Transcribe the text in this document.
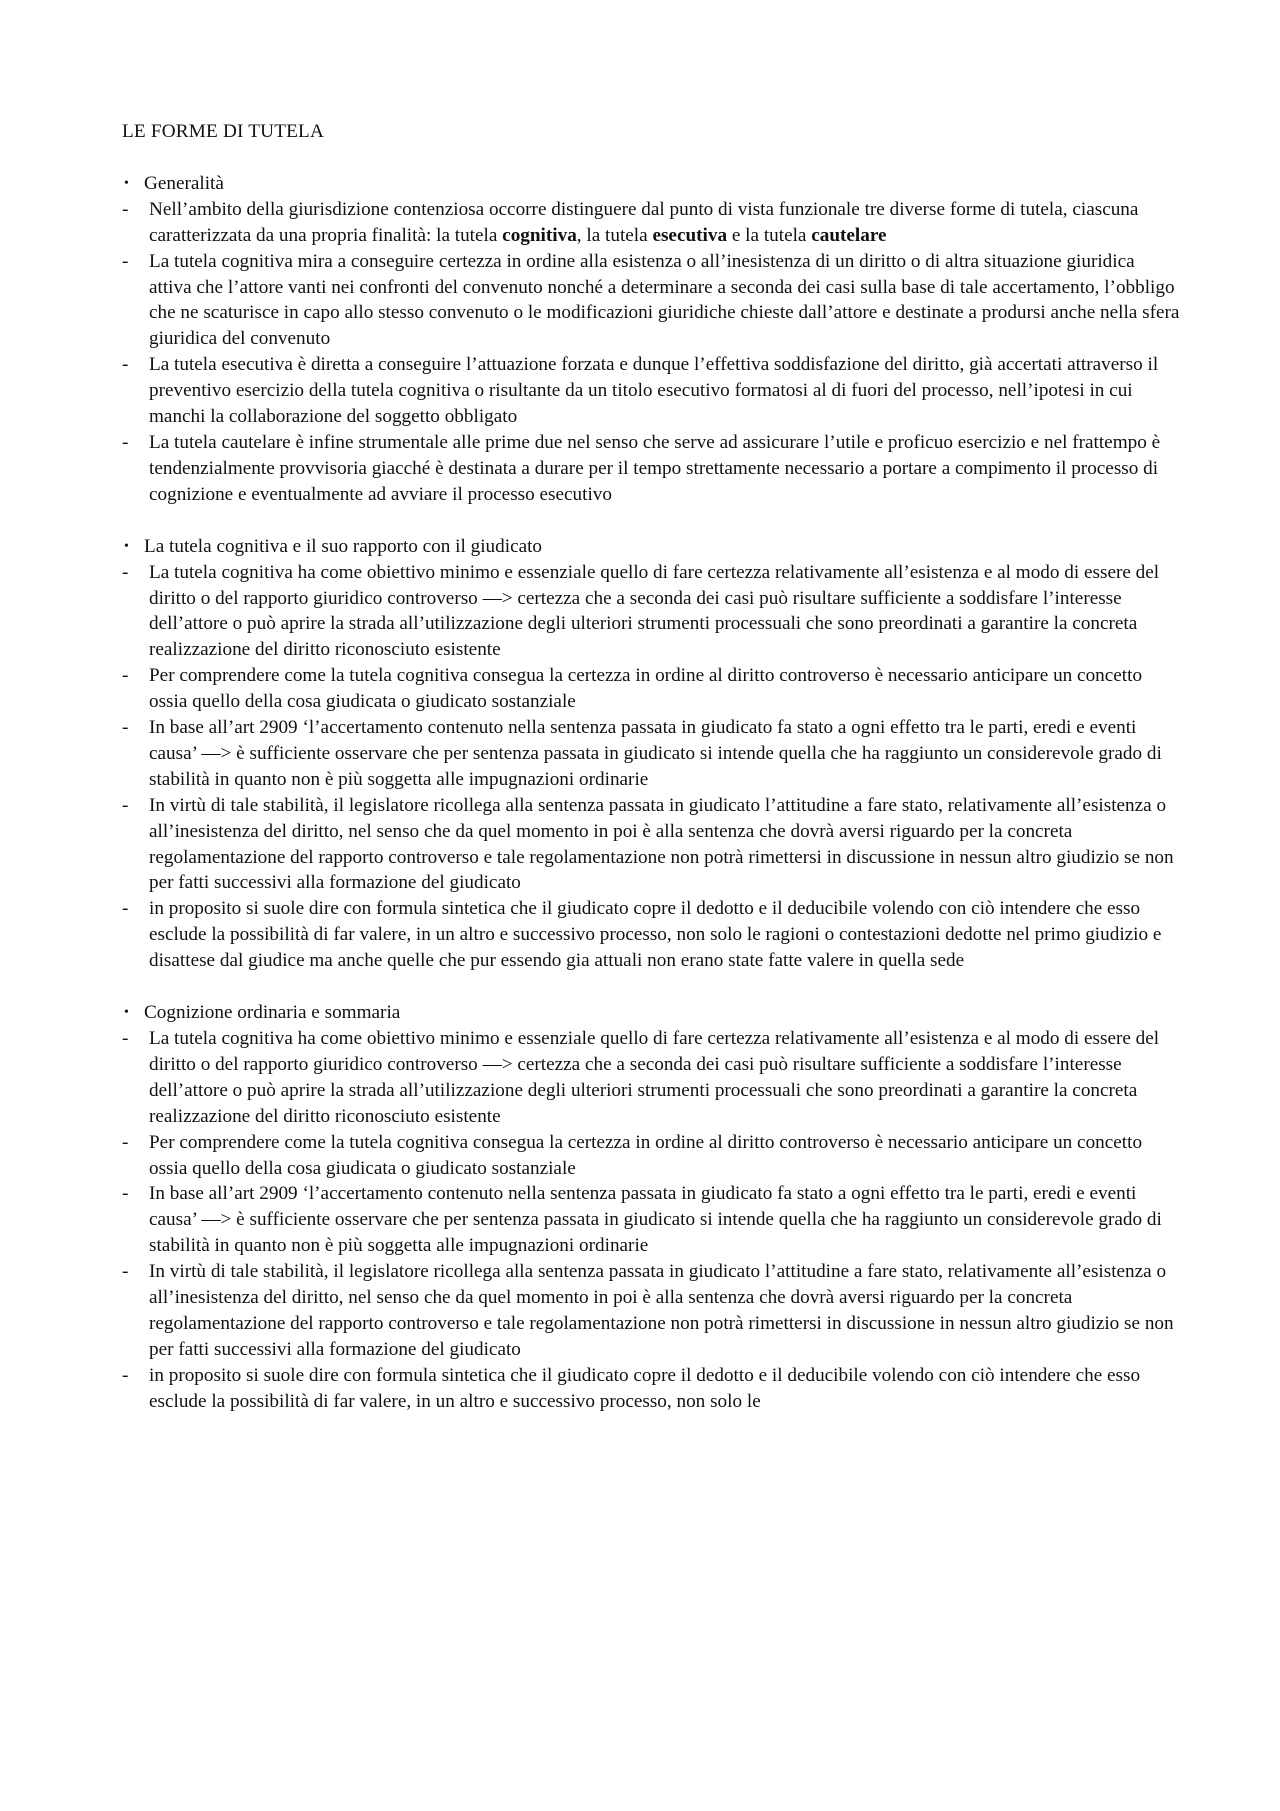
LE FORME DI TUTELA
• Generalità
- Nell’ambito della giurisdizione contenziosa occorre distinguere dal punto di vista funzionale tre diverse forme di tutela, ciascuna caratterizzata da una propria finalità: la tutela cognitiva, la tutela esecutiva e la tutela cautelare
- La tutela cognitiva mira a conseguire certezza in ordine alla esistenza o all’inesistenza di un diritto o di altra situazione giuridica attiva che l’attore vanti nei confronti del convenuto nonché a determinare a seconda dei casi sulla base di tale accertamento, l’obbligo che ne scaturisce in capo allo stesso convenuto o le modificazioni giuridiche chieste dall’attore e destinate a prodursi anche nella sfera giuridica del convenuto
- La tutela esecutiva è diretta a conseguire l’attuazione forzata e dunque l’effettiva soddisfazione del diritto, già accertati attraverso il preventivo esercizio della tutela cognitiva o risultante da un titolo esecutivo formatosi al di fuori del processo, nell’ipotesi in cui manchi la collaborazione del soggetto obbligato
- La tutela cautelare è infine strumentale alle prime due nel senso che serve ad assicurare l’utile e proficuo esercizio e nel frattempo è tendenzialmente provvisoria giacché è destinata a durare per il tempo strettamente necessario a portare a compimento il processo di cognizione e eventualmente ad avviare il processo esecutivo
• La tutela cognitiva e il suo rapporto con il giudicato
- La tutela cognitiva ha come obiettivo minimo e essenziale quello di fare certezza relativamente all’esistenza e al modo di essere del diritto o del rapporto giuridico controverso —> certezza che a seconda dei casi può risultare sufficiente a soddisfare l’interesse dell’attore o può aprire la strada all’utilizzazione degli ulteriori strumenti processuali che sono preordinati a garantire la concreta realizzazione del diritto riconosciuto esistente
- Per comprendere come la tutela cognitiva consegua la certezza in ordine al diritto controverso è necessario anticipare un concetto ossia quello della cosa giudicata o giudicato sostanziale
- In base all’art 2909 ‘l’accertamento contenuto nella sentenza passata in giudicato fa stato a ogni effetto tra le parti, eredi e eventi causa’ —> è sufficiente osservare che per sentenza passata in giudicato si intende quella che ha raggiunto un considerevole grado di stabilità in quanto non è più soggetta alle impugnazioni ordinarie
- In virtù di tale stabilità, il legislatore ricollega alla sentenza passata in giudicato l’attitudine a fare stato, relativamente all’esistenza o all’inesistenza del diritto, nel senso che da quel momento in poi è alla sentenza che dovrà aversi riguardo per la concreta regolamentazione del rapporto controverso e tale regolamentazione non potrà rimettersi in discussione in nessun altro giudizio se non per fatti successivi alla formazione del giudicato
- in proposito si suole dire con formula sintetica che il giudicato copre il dedotto e il deducibile volendo con ciò intendere che esso esclude la possibilità di far valere, in un altro e successivo processo, non solo le ragioni o contestazioni dedotte nel primo giudizio e disattese dal giudice ma anche quelle che pur essendo gia attuali non erano state fatte valere in quella sede
• Cognizione ordinaria e sommaria
- La tutela cognitiva ha come obiettivo minimo e essenziale quello di fare certezza relativamente all’esistenza e al modo di essere del diritto o del rapporto giuridico controverso —> certezza che a seconda dei casi può risultare sufficiente a soddisfare l’interesse dell’attore o può aprire la strada all’utilizzazione degli ulteriori strumenti processuali che sono preordinati a garantire la concreta realizzazione del diritto riconosciuto esistente
- Per comprendere come la tutela cognitiva consegua la certezza in ordine al diritto controverso è necessario anticipare un concetto ossia quello della cosa giudicata o giudicato sostanziale
- In base all’art 2909 ‘l’accertamento contenuto nella sentenza passata in giudicato fa stato a ogni effetto tra le parti, eredi e eventi causa’ —> è sufficiente osservare che per sentenza passata in giudicato si intende quella che ha raggiunto un considerevole grado di stabilità in quanto non è più soggetta alle impugnazioni ordinarie
- In virtù di tale stabilità, il legislatore ricollega alla sentenza passata in giudicato l’attitudine a fare stato, relativamente all’esistenza o all’inesistenza del diritto, nel senso che da quel momento in poi è alla sentenza che dovrà aversi riguardo per la concreta regolamentazione del rapporto controverso e tale regolamentazione non potrà rimettersi in discussione in nessun altro giudizio se non per fatti successivi alla formazione del giudicato
- in proposito si suole dire con formula sintetica che il giudicato copre il dedotto e il deducibile volendo con ciò intendere che esso esclude la possibilità di far valere, in un altro e successivo processo, non solo le
